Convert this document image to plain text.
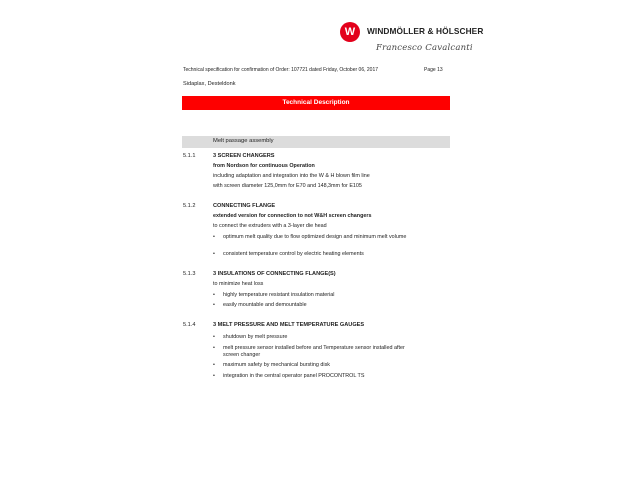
W	WINDMÖLLER & HÖLSCHER
Francesco Cavalcanti
Technical specification for confirmation of Order: 107721 dated Friday, October 06, 2017	Page 13
Sidaplax, Desteldonk
Technical Description
Melt passage assembly
5.1.1	3 SCREEN CHANGERS
from Nordson for continuous Operation
including adaptation and integration into the W & H blown film line
with screen diameter 125,0mm for E70 and 148,3mm for E105
5.1.2	CONNECTING FLANGE
extended version for connection to not W&H screen changers
to connect the extruders with a 3-layer die head
• optimum melt quality due to flow optimized design and minimum melt volume
• consistent temperature control by electric heating elements
5.1.3	3 INSULATIONS OF CONNECTING FLANGE(S)
to minimize heat loss
• highly temperature resistant insulation material
• easily mountable and demountable
5.1.4	3 MELT PRESSURE AND MELT TEMPERATURE GAUGES
• shutdown by melt pressure
• melt pressure sensor installed before and Temperature sensor installed after screen changer
• maximum safety by mechanical bursting disk
• integration in the central operator panel PROCONTROL TS
